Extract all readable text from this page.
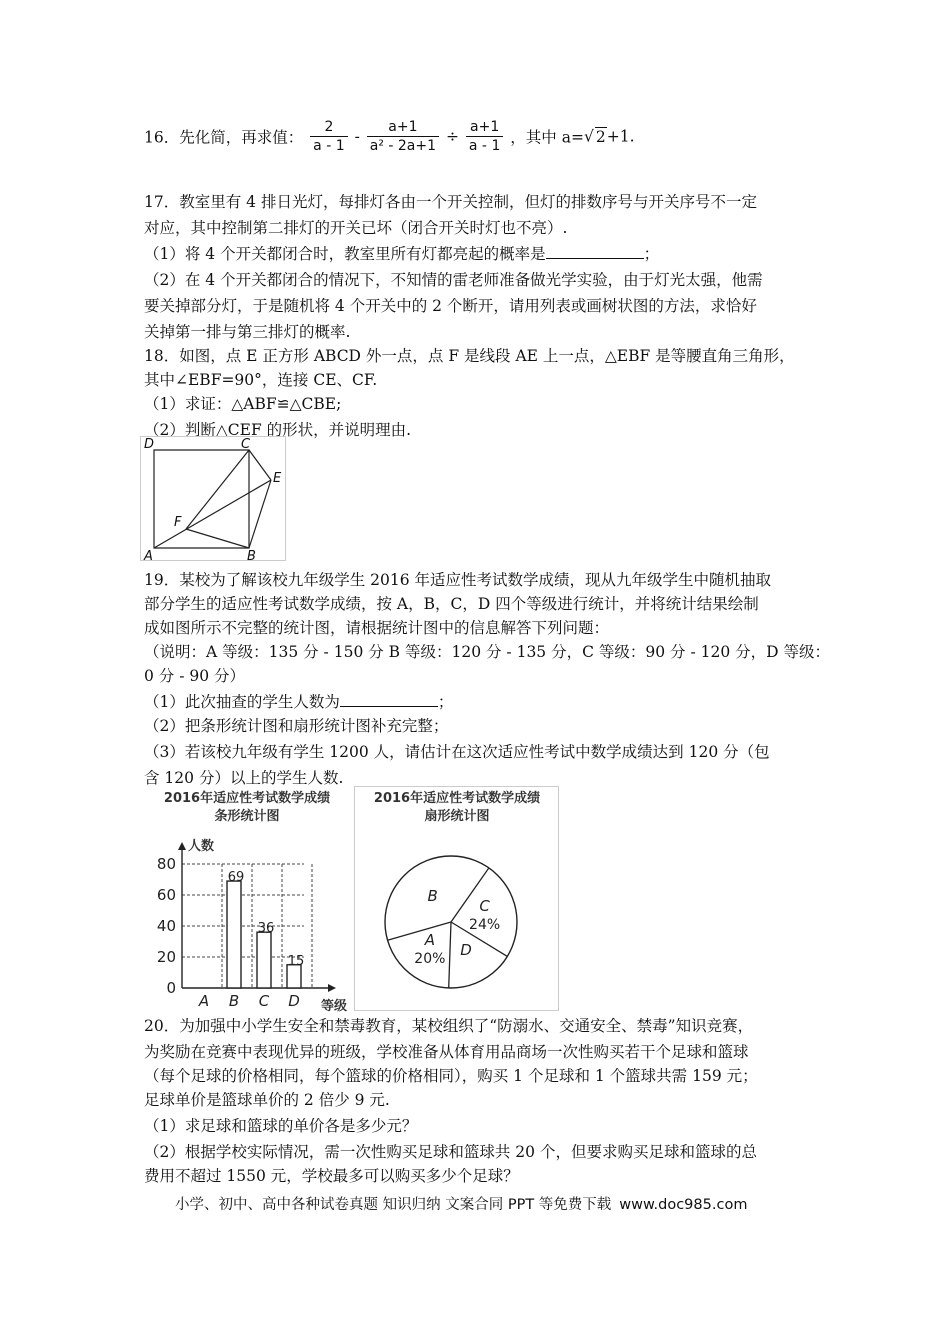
16．先化简，再求值： $\frac{2}{a - 1} - \frac{a+1}{\text{a² - 2a+1}} \div \frac{a+1}{a - 1}$ ，其中 a=√ 2+1.
17．教室里有 4 排日光灯，每排灯各由一个开关控制，但灯的排数序号与开关序号不一定
对应，其中控制第二排灯的开关已坏（闭合开关时灯也不亮）.
（1）将 4 个开关都闭合时，教室里所有灯都亮起的概率是	；
（2）在 4 个开关都闭合的情况下，不知情的雷老师准备做光学实验，由于灯光太强，他需
要关掉部分灯，于是随机将 4 个开关中的 2 个断开，请用列表或画树状图的方法，求恰好
关掉第一排与第三排灯的概率.
18．如图，点 E 正方形 ABCD 外一点，点 F 是线段 AE 上一点，△EBF 是等腰直角三角形，
其中∠EBF=90°，连接 CE、CF.
（1）求证：△ABF≌△CBE;
（2）判断△CEF 的形状，并说明理由.
D	C
E
F
A	B
19．某校为了解该校九年级学生 2016 年适应性考试数学成绩，现从九年级学生中随机抽取
部分学生的适应性考试数学成绩，按 A，B，C，D 四个等级进行统计，并将统计结果绘制
成如图所示不完整的统计图，请根据统计图中的信息解答下列问题：
（说明：A 等级：135 分 - 150 分 B 等级：120 分 - 135 分，C 等级：90 分 - 120 分，D 等级：
0 分 - 90 分）
（1）此次抽查的学生人数为	；
（2）把条形统计图和扇形统计图补充完整；
（3）若该校九年级有学生 1200 人，请估计在这次适应性考试中数学成绩达到 120 分（包
含 120 分）以上的学生人数.
2016年适应性考试数学成绩
条形统计图
人数
等级
0
20
40
60
80
A B C D
69
36
15
2016年适应性考试数学成绩
扇形统计图
A
20%
B
C
24%
D
20．为加强中小学生安全和禁毒教育，某校组织了“防溺水、交通安全、禁毒”知识竞赛，
为奖励在竞赛中表现优异的班级，学校准备从体育用品商场一次性购买若干个足球和篮球
（每个足球的价格相同，每个篮球的价格相同），购买 1 个足球和 1 个篮球共需 159 元；
足球单价是篮球单价的 2 倍少 9 元.
（1）求足球和篮球的单价各是多少元？
（2）根据学校实际情况，需一次性购买足球和篮球共 20 个，但要求购买足球和篮球的总
费用不超过 1550 元，学校最多可以购买多少个足球？
小学、初中、高中各种试卷真题 知识归纳 文案合同 PPT 等免费下载 www.doc985.com
